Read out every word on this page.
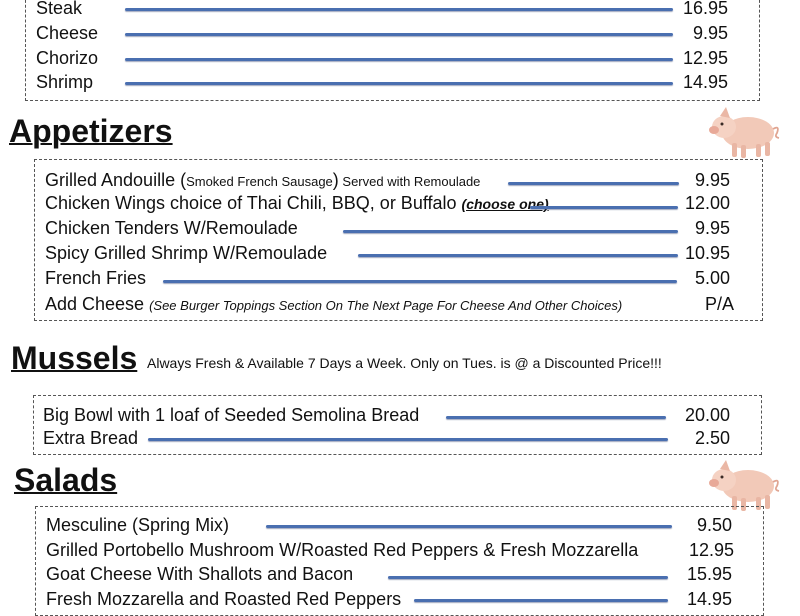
Steak	16.95
Cheese	9.95
Chorizo	12.95
Shrimp	14.95
Appetizers
Grilled Andouille (Smoked French Sausage) Served with Remoulade	9.95
Chicken Wings choice of Thai Chili, BBQ, or Buffalo (choose one)	12.00
Chicken Tenders W/Remoulade	9.95
Spicy Grilled Shrimp W/Remoulade	10.95
French Fries	5.00
Add Cheese (See Burger Toppings Section On The Next Page For Cheese And Other Choices)	P/A
Mussels Always Fresh & Available 7 Days a Week. Only on Tues. is @ a Discounted Price!!!
Big Bowl with 1 loaf of Seeded Semolina Bread	20.00
Extra Bread	2.50
Salads
Mesculine (Spring Mix)	9.50
Grilled Portobello Mushroom W/Roasted Red Peppers & Fresh Mozzarella	12.95
Goat Cheese With Shallots and Bacon	15.95
Fresh Mozzarella and Roasted Red Peppers	14.95
